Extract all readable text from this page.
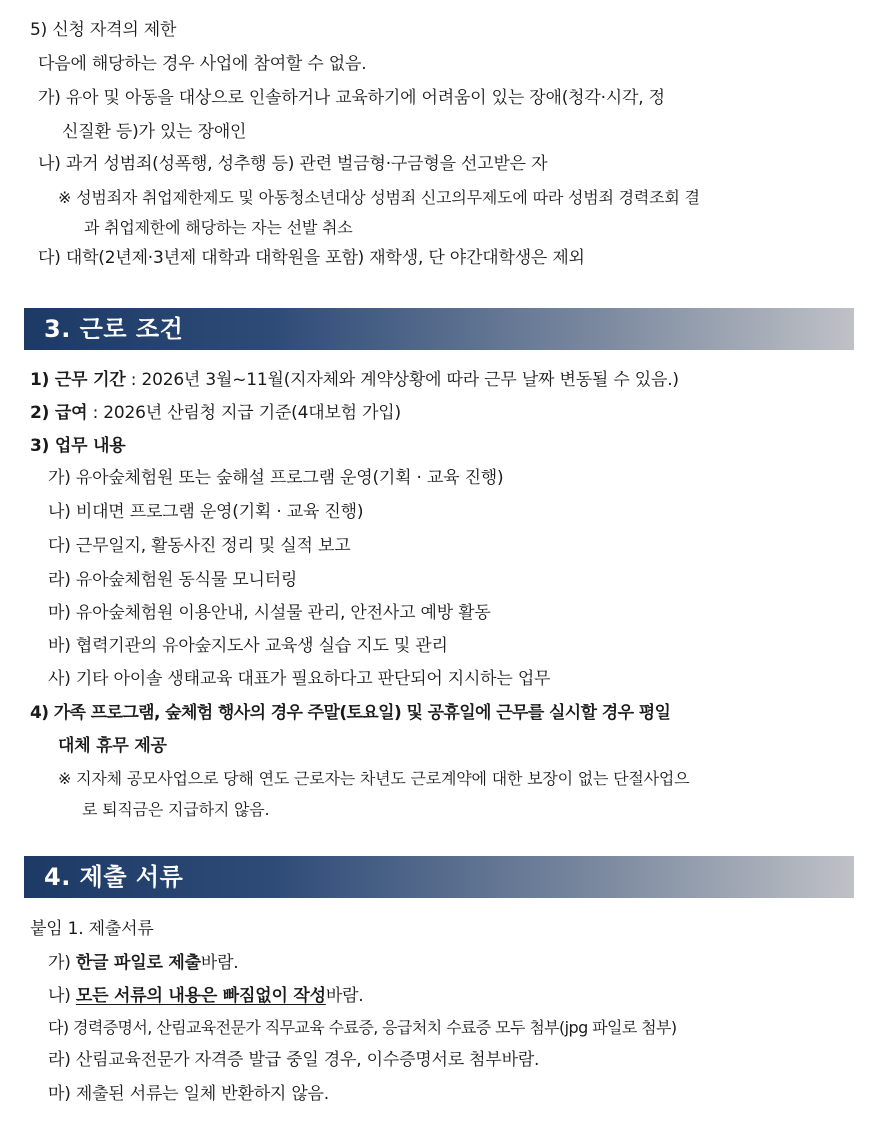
5) 신청 자격의 제한
다음에 해당하는 경우 사업에 참여할 수 없음.
가) 유아 및 아동을 대상으로 인솔하거나 교육하기에 어려움이 있는 장애(청각·시각, 정
신질환 등)가 있는 장애인
나) 과거 성범죄(성폭행, 성추행 등) 관련 벌금형·구금형을 선고받은 자
※ 성범죄자 취업제한제도 및 아동청소년대상 성범죄 신고의무제도에 따라 성범죄 경력조회 결
과 취업제한에 해당하는 자는 선발 취소
다) 대학(2년제·3년제 대학과 대학원을 포함) 재학생, 단 야간대학생은 제외
3. 근로 조건
1) 근무 기간 : 2026년 3월~11월(지자체와 계약상황에 따라 근무 날짜 변동될 수 있음.)
2) 급여 : 2026년 산림청 지급 기준(4대보험 가입)
3) 업무 내용
가) 유아숲체험원 또는 숲해설 프로그램 운영(기획 · 교육 진행)
나) 비대면 프로그램 운영(기획 · 교육 진행)
다) 근무일지, 활동사진 정리 및 실적 보고
라) 유아숲체험원 동식물 모니터링
마) 유아숲체험원 이용안내, 시설물 관리, 안전사고 예방 활동
바) 협력기관의 유아숲지도사 교육생 실습 지도 및 관리
사) 기타 아이솔 생태교육 대표가 필요하다고 판단되어 지시하는 업무
4) 가족 프로그램, 숲체험 행사의 경우 주말(토요일) 및 공휴일에 근무를 실시할 경우 평일
대체 휴무 제공
※ 지자체 공모사업으로 당해 연도 근로자는 차년도 근로계약에 대한 보장이 없는 단절사업으
로 퇴직금은 지급하지 않음.
4. 제출 서류
붙임 1. 제출서류
가) 한글 파일로 제출바람.
나) 모든 서류의 내용은 빠짐없이 작성바람.
다) 경력증명서, 산림교육전문가 직무교육 수료증, 응급처치 수료증 모두 첨부(jpg 파일로 첨부)
라) 산림교육전문가 자격증 발급 중일 경우, 이수증명서로 첨부바람.
마) 제출된 서류는 일체 반환하지 않음.
